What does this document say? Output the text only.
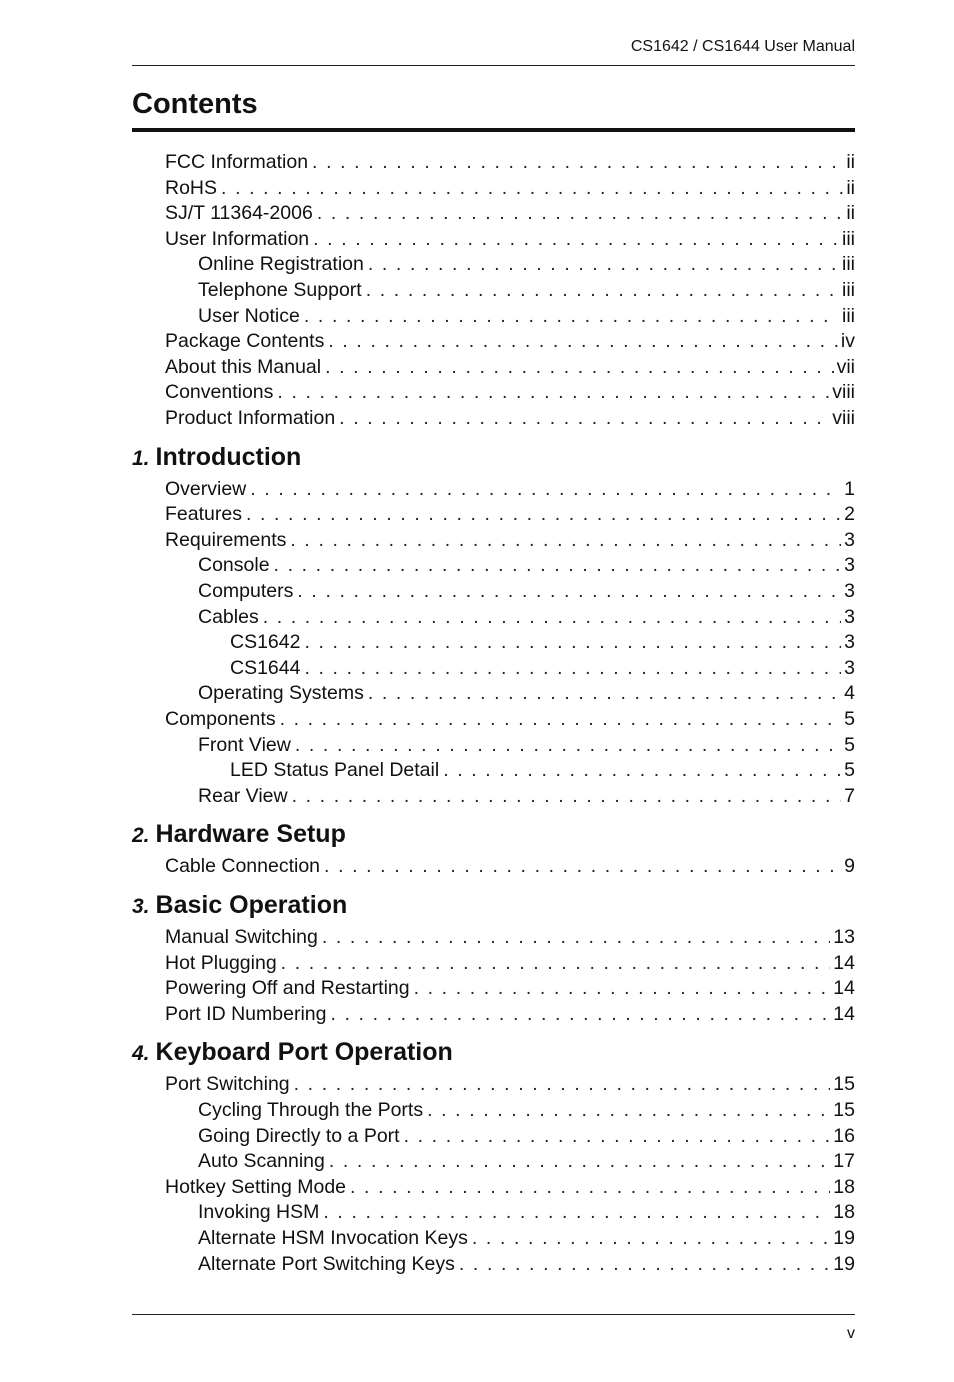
CS1642 / CS1644 User Manual
Contents
FCC Information . . .	ii
RoHS . . .	ii
SJ/T 11364-2006 . . .	ii
User Information . . .	iii
Online Registration . . .	iii
Telephone Support . . .	iii
User Notice . . .	iii
Package Contents . . .	iv
About this Manual . . .	vii
Conventions . . .	viii
Product Information . . .	viii
1. Introduction
Overview . . .	1
Features . . .	2
Requirements . . .	3
Console . . .	3
Computers . . .	3
Cables . . .	3
CS1642 . . .	3
CS1644 . . .	3
Operating Systems . . .	4
Components . . .	5
Front View . . .	5
LED Status Panel Detail . . .	5
Rear View . . .	7
2. Hardware Setup
Cable Connection . . .	9
3. Basic Operation
Manual Switching . . .	13
Hot Plugging . . .	14
Powering Off and Restarting . . .	14
Port ID Numbering . . .	14
4. Keyboard Port Operation
Port Switching . . .	15
Cycling Through the Ports . . .	15
Going Directly to a Port . . .	16
Auto Scanning . . .	17
Hotkey Setting Mode . . .	18
Invoking HSM . . .	18
Alternate HSM Invocation Keys . . .	19
Alternate Port Switching Keys . . .	19
v
